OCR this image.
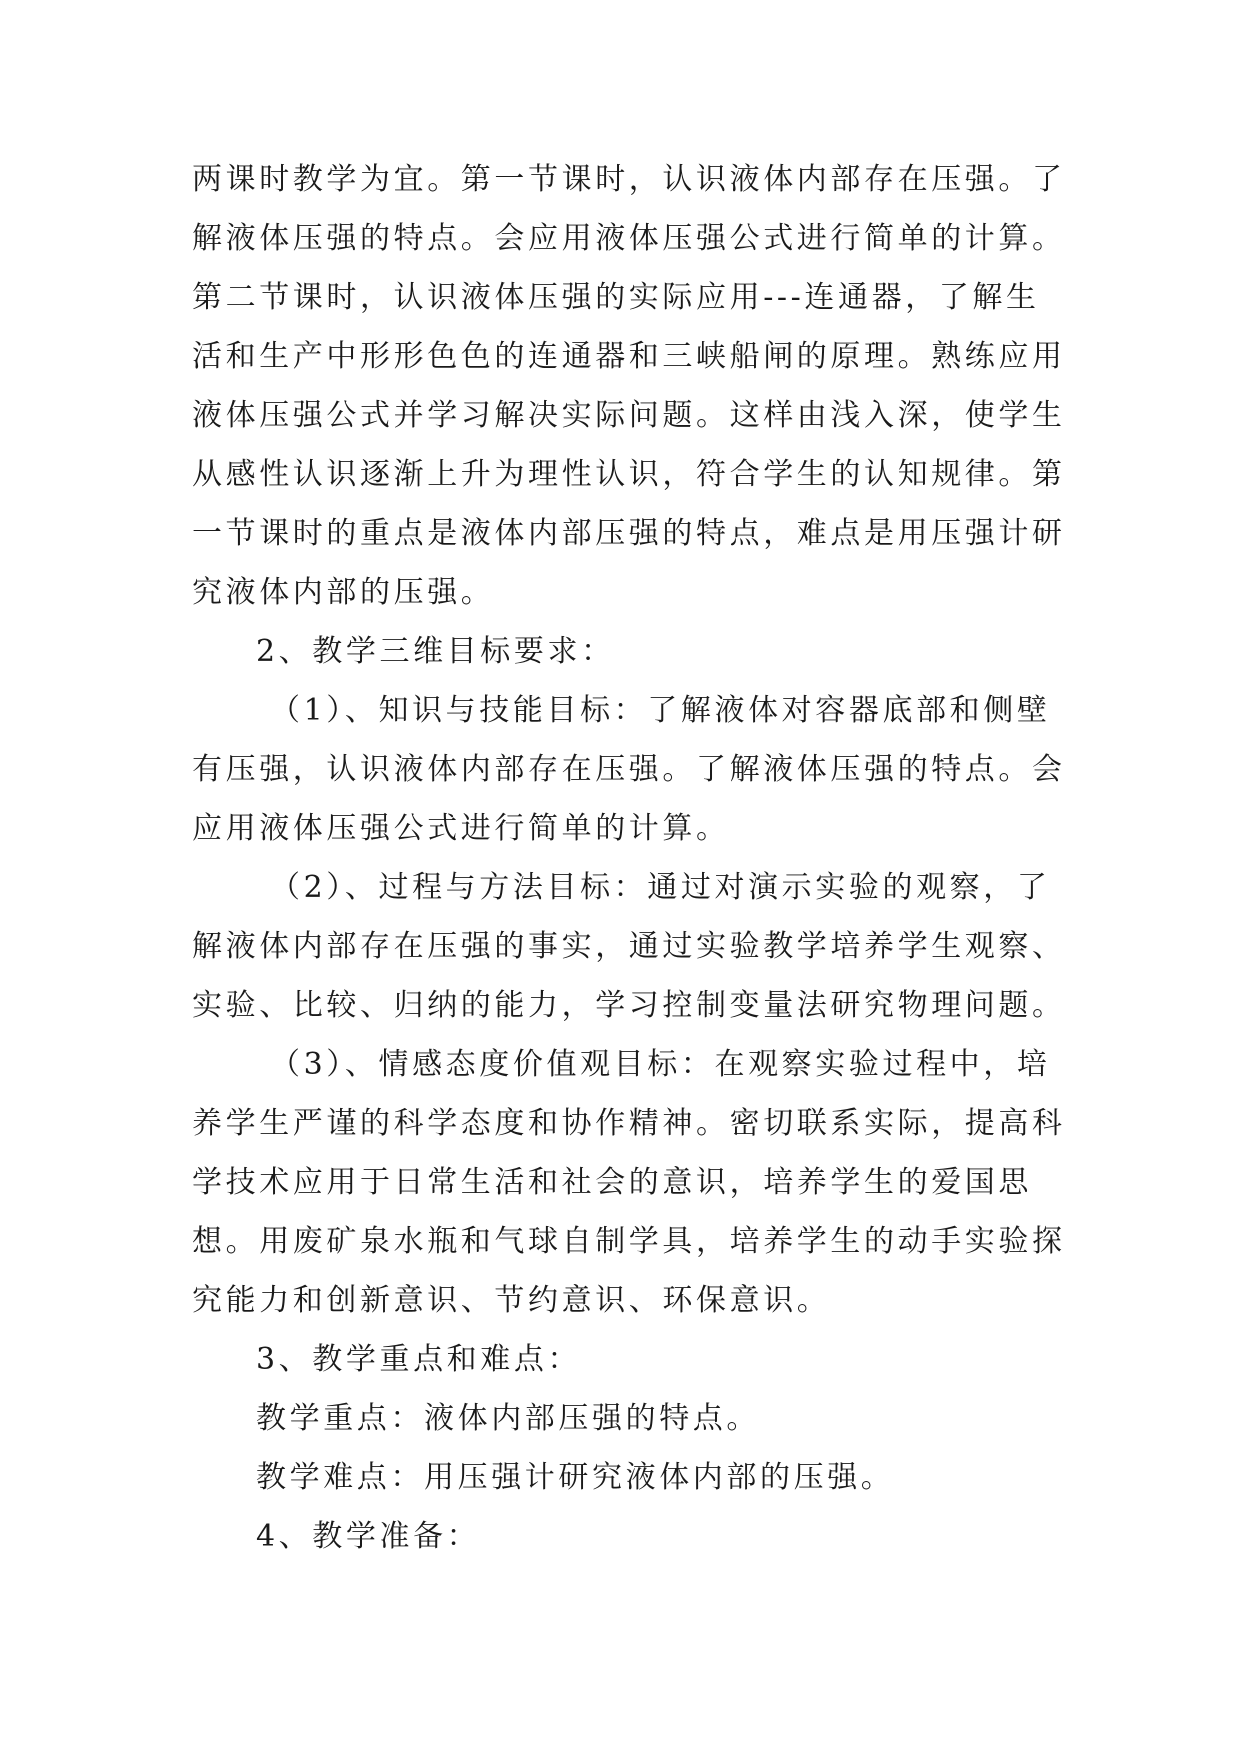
两课时教学为宜。第一节课时，认识液体内部存在压强。了解液体压强的特点。会应用液体压强公式进行简单的计算。第二节课时，认识液体压强的实际应用---连通器，了解生活和生产中形形色色的连通器和三峡船闸的原理。熟练应用液体压强公式并学习解决实际问题。这样由浅入深，使学生从感性认识逐渐上升为理性认识，符合学生的认知规律。第一节课时的重点是液体内部压强的特点，难点是用压强计研究液体内部的压强。

2、教学三维目标要求：

（1）、知识与技能目标：了解液体对容器底部和侧壁有压强，认识液体内部存在压强。了解液体压强的特点。会应用液体压强公式进行简单的计算。

（2）、过程与方法目标：通过对演示实验的观察，了解液体内部存在压强的事实，通过实验教学培养学生观察、实验、比较、归纳的能力，学习控制变量法研究物理问题。

（3）、情感态度价值观目标：在观察实验过程中，培养学生严谨的科学态度和协作精神。密切联系实际，提高科学技术应用于日常生活和社会的意识，培养学生的爱国思想。用废矿泉水瓶和气球自制学具，培养学生的动手实验探究能力和创新意识、节约意识、环保意识。

3、教学重点和难点：

教学重点：液体内部压强的特点。

教学难点：用压强计研究液体内部的压强。

4、教学准备：
